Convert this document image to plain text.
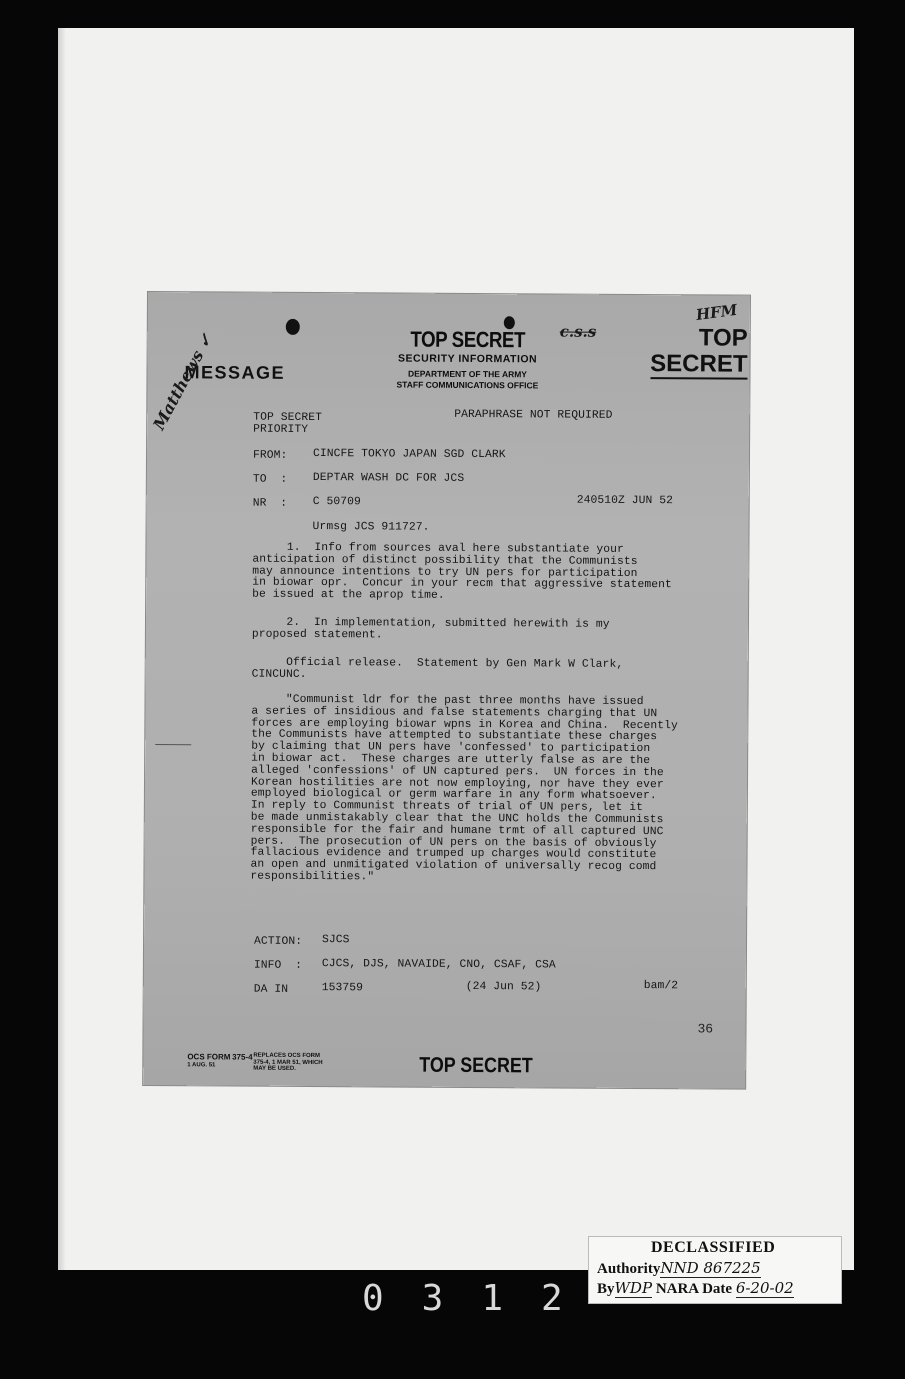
TOP SECRET
SECURITY INFORMATION
DEPARTMENT OF THE ARMY
STAFF COMMUNICATIONS OFFICE
MESSAGE
c.s.s
HFM
TOP
SECRET
Matthews ✓
TOP SECRET
PRIORITY
PARAPHRASE NOT REQUIRED
FROM: CINCFE TOKYO JAPAN SGD CLARK
TO  : DEPTAR WASH DC FOR JCS
NR  : C 50709	240510Z JUN 52
Urmsg JCS 911727.
1.  Info from sources aval here substantiate your
anticipation of distinct possibility that the Communists
may announce intentions to try UN pers for participation
in biowar opr.  Concur in your recm that aggressive statement
be issued at the aprop time.
2.  In implementation, submitted herewith is my
proposed statement.
Official release.  Statement by Gen Mark W Clark,
CINCUNC.
"Communist ldr for the past three months have issued
a series of insidious and false statements charging that UN
forces are employing biowar wpns in Korea and China.  Recently
the Communists have attempted to substantiate these charges
by claiming that UN pers have 'confessed' to participation
in biowar act.  These charges are utterly false as are the
alleged 'confessions' of UN captured pers.  UN forces in the
Korean hostilities are not now employing, nor have they ever
employed biological or germ warfare in any form whatsoever.
In reply to Communist threats of trial of UN pers, let it
be made unmistakably clear that the UNC holds the Communists
responsible for the fair and humane trmt of all captured UNC
pers.  The prosecution of UN pers on the basis of obviously
fallacious evidence and trumped up charges would constitute
an open and unmitigated violation of universally recog comd
responsibilities."
ACTION: SJCS
INFO  : CJCS, DJS, NAVAIDE, CNO, CSAF, CSA
DA IN	153759	(24 Jun 52)	bam/2
36
OCS FORM 375-4
1 AUG. 51
REPLACES OCS FORM
375-4, 1 MAR 51, WHICH
MAY BE USED.	TOP SECRET
DECLASSIFIED
AuthorityNND 867225
ByWDP NARA Date 6-20-02
0312
